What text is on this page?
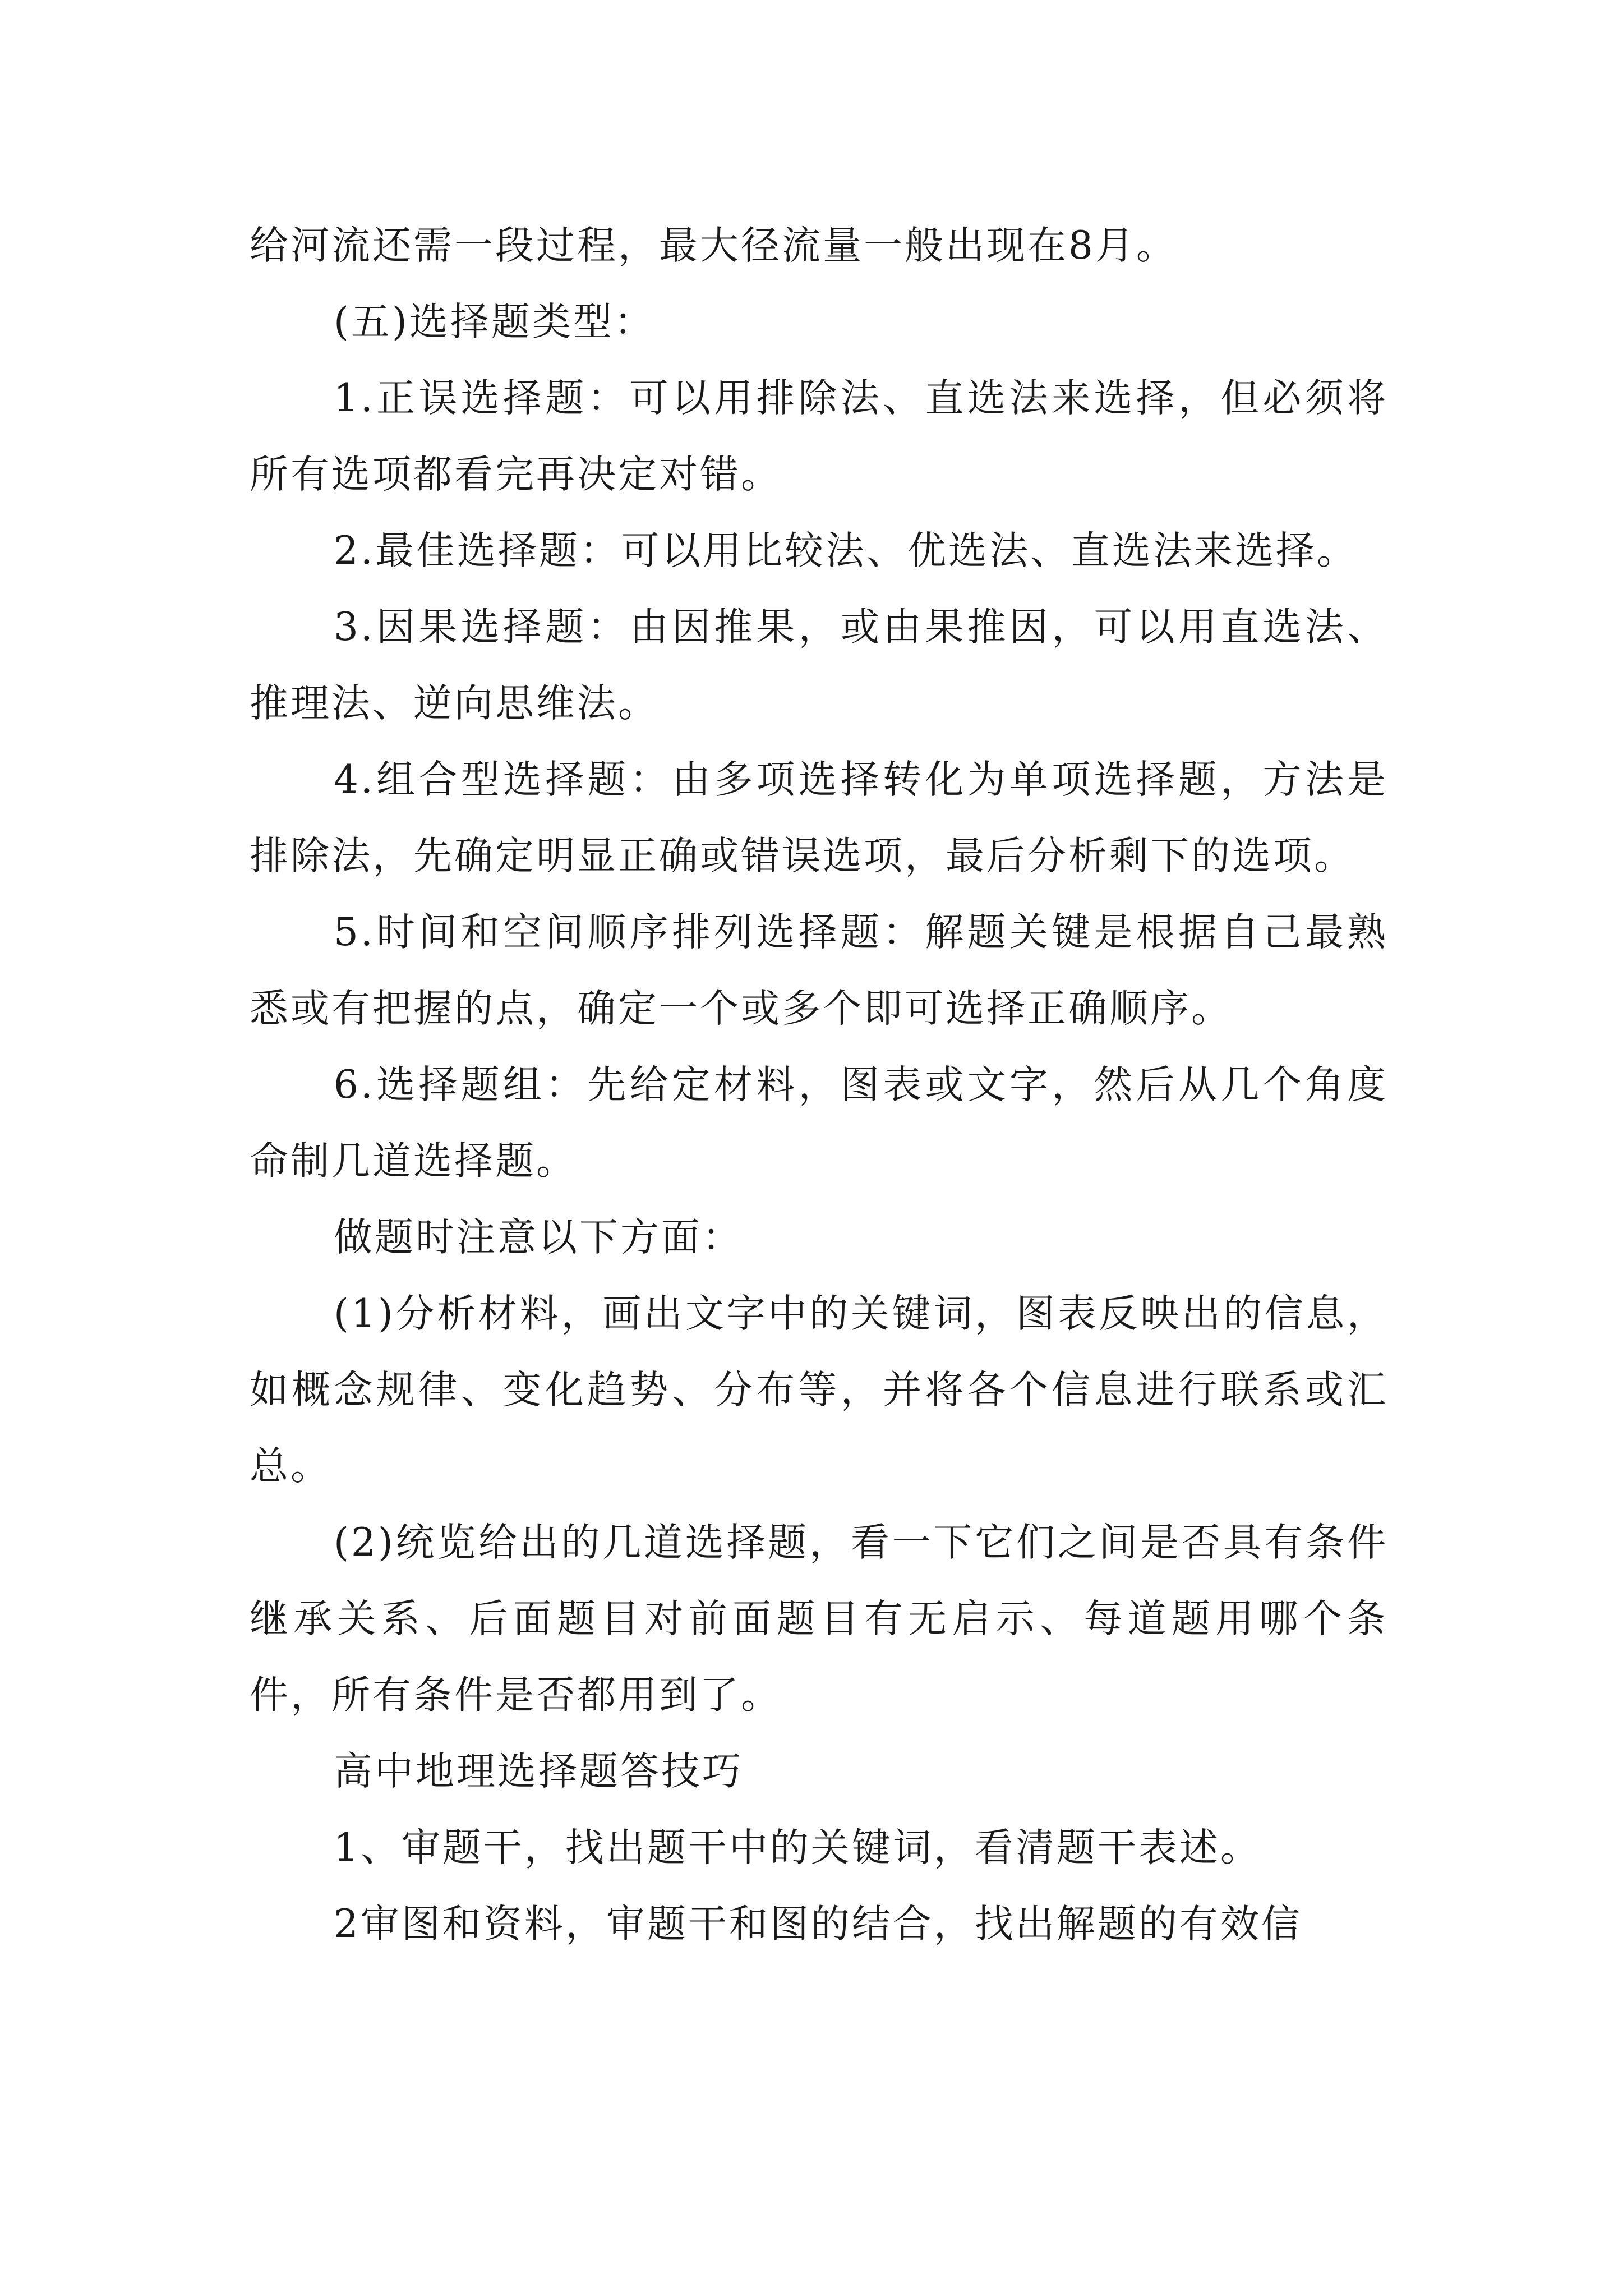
给河流还需一段过程，最大径流量一般出现在8月。

(五)选择题类型：

1.正误选择题：可以用排除法、直选法来选择，但必须将所有选项都看完再决定对错。

2.最佳选择题：可以用比较法、优选法、直选法来选择。

3.因果选择题：由因推果，或由果推因，可以用直选法、推理法、逆向思维法。

4.组合型选择题：由多项选择转化为单项选择题，方法是排除法，先确定明显正确或错误选项，最后分析剩下的选项。

5.时间和空间顺序排列选择题：解题关键是根据自己最熟悉或有把握的点，确定一个或多个即可选择正确顺序。

6.选择题组：先给定材料，图表或文字，然后从几个角度命制几道选择题。

做题时注意以下方面：

(1)分析材料，画出文字中的关键词，图表反映出的信息，如概念规律、变化趋势、分布等，并将各个信息进行联系或汇总。

(2)统览给出的几道选择题，看一下它们之间是否具有条件继承关系、后面题目对前面题目有无启示、每道题用哪个条件，所有条件是否都用到了。

高中地理选择题答技巧

1、审题干，找出题干中的关键词，看清题干表述。

2审图和资料，审题干和图的结合，找出解题的有效信
